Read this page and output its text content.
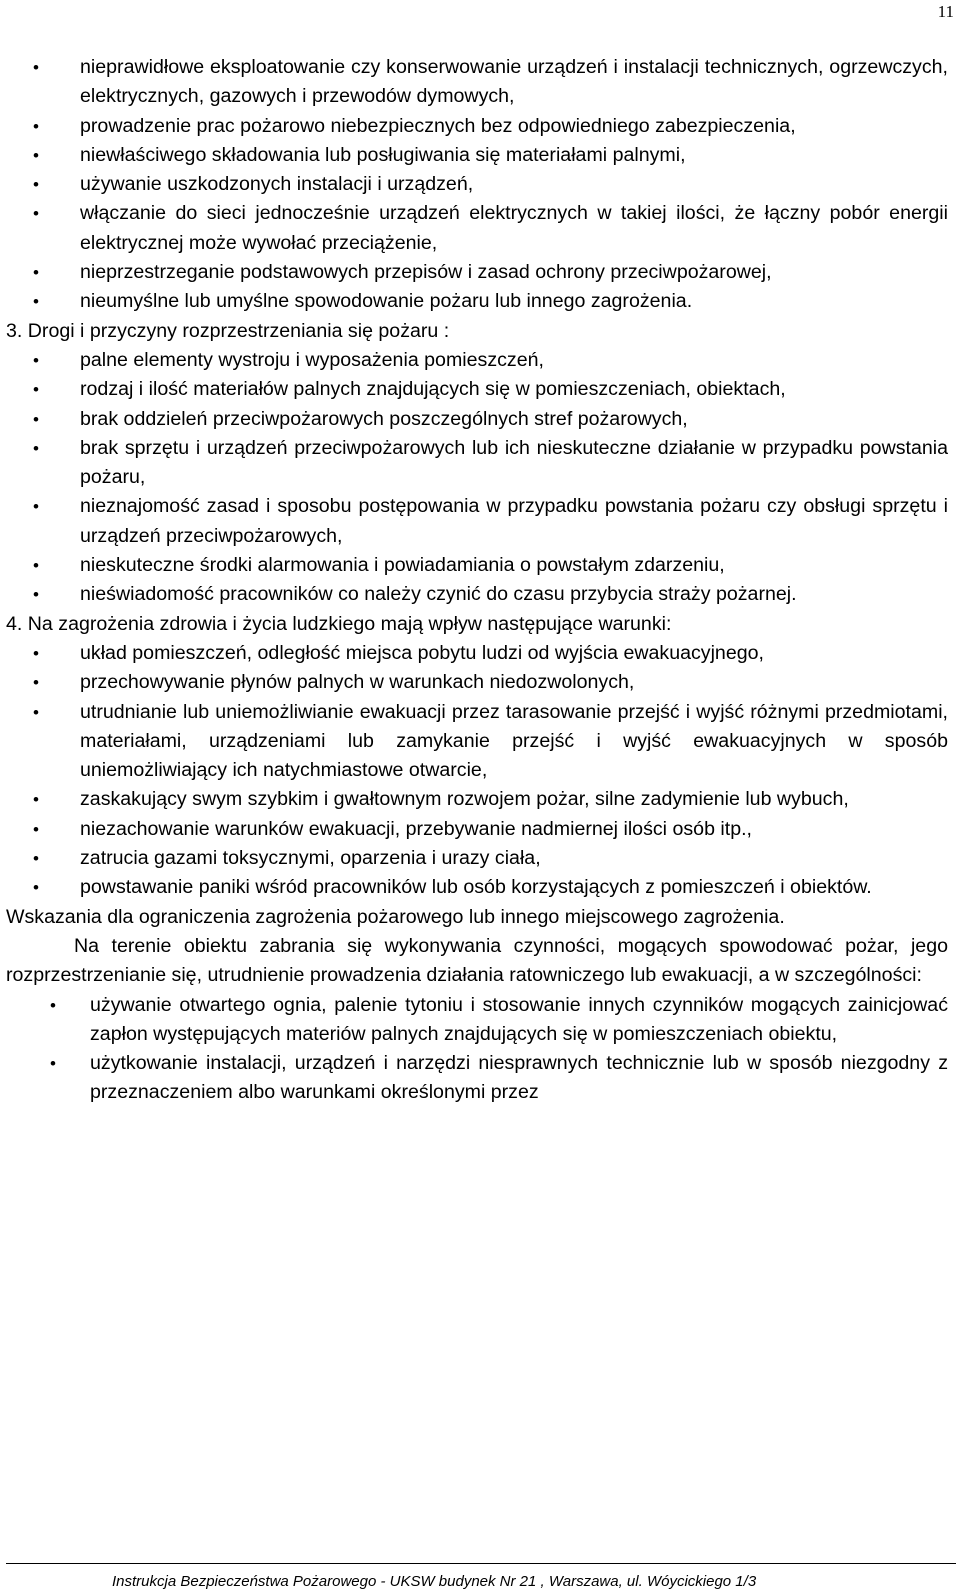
11
• nieprawidłowe eksploatowanie czy konserwowanie urządzeń i instalacji technicznych, ogrzewczych, elektrycznych, gazowych i przewodów dymowych,
• prowadzenie prac pożarowo niebezpiecznych bez odpowiedniego zabezpieczenia,
• niewłaściwego składowania lub posługiwania się materiałami palnymi,
• używanie uszkodzonych instalacji i urządzeń,
• włączanie do sieci jednocześnie urządzeń elektrycznych w takiej ilości, że łączny pobór energii elektrycznej może wywołać przeciążenie,
• nieprzestrzeganie podstawowych przepisów i zasad ochrony przeciwpożarowej,
• nieumyślne lub umyślne spowodowanie pożaru lub innego zagrożenia.

3. Drogi i przyczyny rozprzestrzeniania się pożaru :

• palne elementy wystroju i wyposażenia pomieszczeń,
• rodzaj i ilość materiałów palnych znajdujących się w pomieszczeniach, obiektach,
• brak oddzieleń przeciwpożarowych poszczególnych stref pożarowych,
• brak sprzętu i urządzeń przeciwpożarowych lub ich nieskuteczne działanie w przypadku powstania pożaru,
• nieznajomość zasad i sposobu postępowania w przypadku powstania pożaru czy obsługi sprzętu i urządzeń przeciwpożarowych,
• nieskuteczne środki alarmowania i powiadamiania o powstałym zdarzeniu,
• nieświadomość pracowników co należy czynić do czasu przybycia straży pożarnej.

4. Na zagrożenia zdrowia i życia ludzkiego mają wpływ następujące warunki:

• układ pomieszczeń, odległość miejsca pobytu ludzi od wyjścia ewakuacyjnego,
• przechowywanie płynów palnych w warunkach niedozwolonych,
• utrudnianie lub uniemożliwianie ewakuacji przez tarasowanie przejść i wyjść różnymi przedmiotami, materiałami, urządzeniami lub zamykanie przejść i wyjść ewakuacyjnych w sposób uniemożliwiający ich natychmiastowe otwarcie,
• zaskakujący swym szybkim i gwałtownym rozwojem pożar, silne zadymienie lub wybuch,
• niezachowanie warunków ewakuacji, przebywanie nadmiernej ilości osób itp.,
• zatrucia gazami toksycznymi, oparzenia i urazy ciała,
• powstawanie paniki wśród pracowników lub osób korzystających z pomieszczeń i obiektów.

Wskazania dla ograniczenia zagrożenia pożarowego lub innego miejscowego zagrożenia.

Na terenie obiektu zabrania się wykonywania czynności, mogących spowodować pożar, jego rozprzestrzenianie się, utrudnienie prowadzenia działania ratowniczego lub ewakuacji, a w szczególności:

• używanie otwartego ognia, palenie tytoniu i stosowanie innych czynników mogących zainicjować zapłon występujących materiów palnych znajdujących się w pomieszczeniach obiektu,
• użytkowanie instalacji, urządzeń i narzędzi niesprawnych technicznie lub w sposób niezgodny z przeznaczeniem albo warunkami określonymi przez
Instrukcja Bezpieczeństwa Pożarowego - UKSW budynek Nr 21 , Warszawa, ul. Wóycickiego 1/3
